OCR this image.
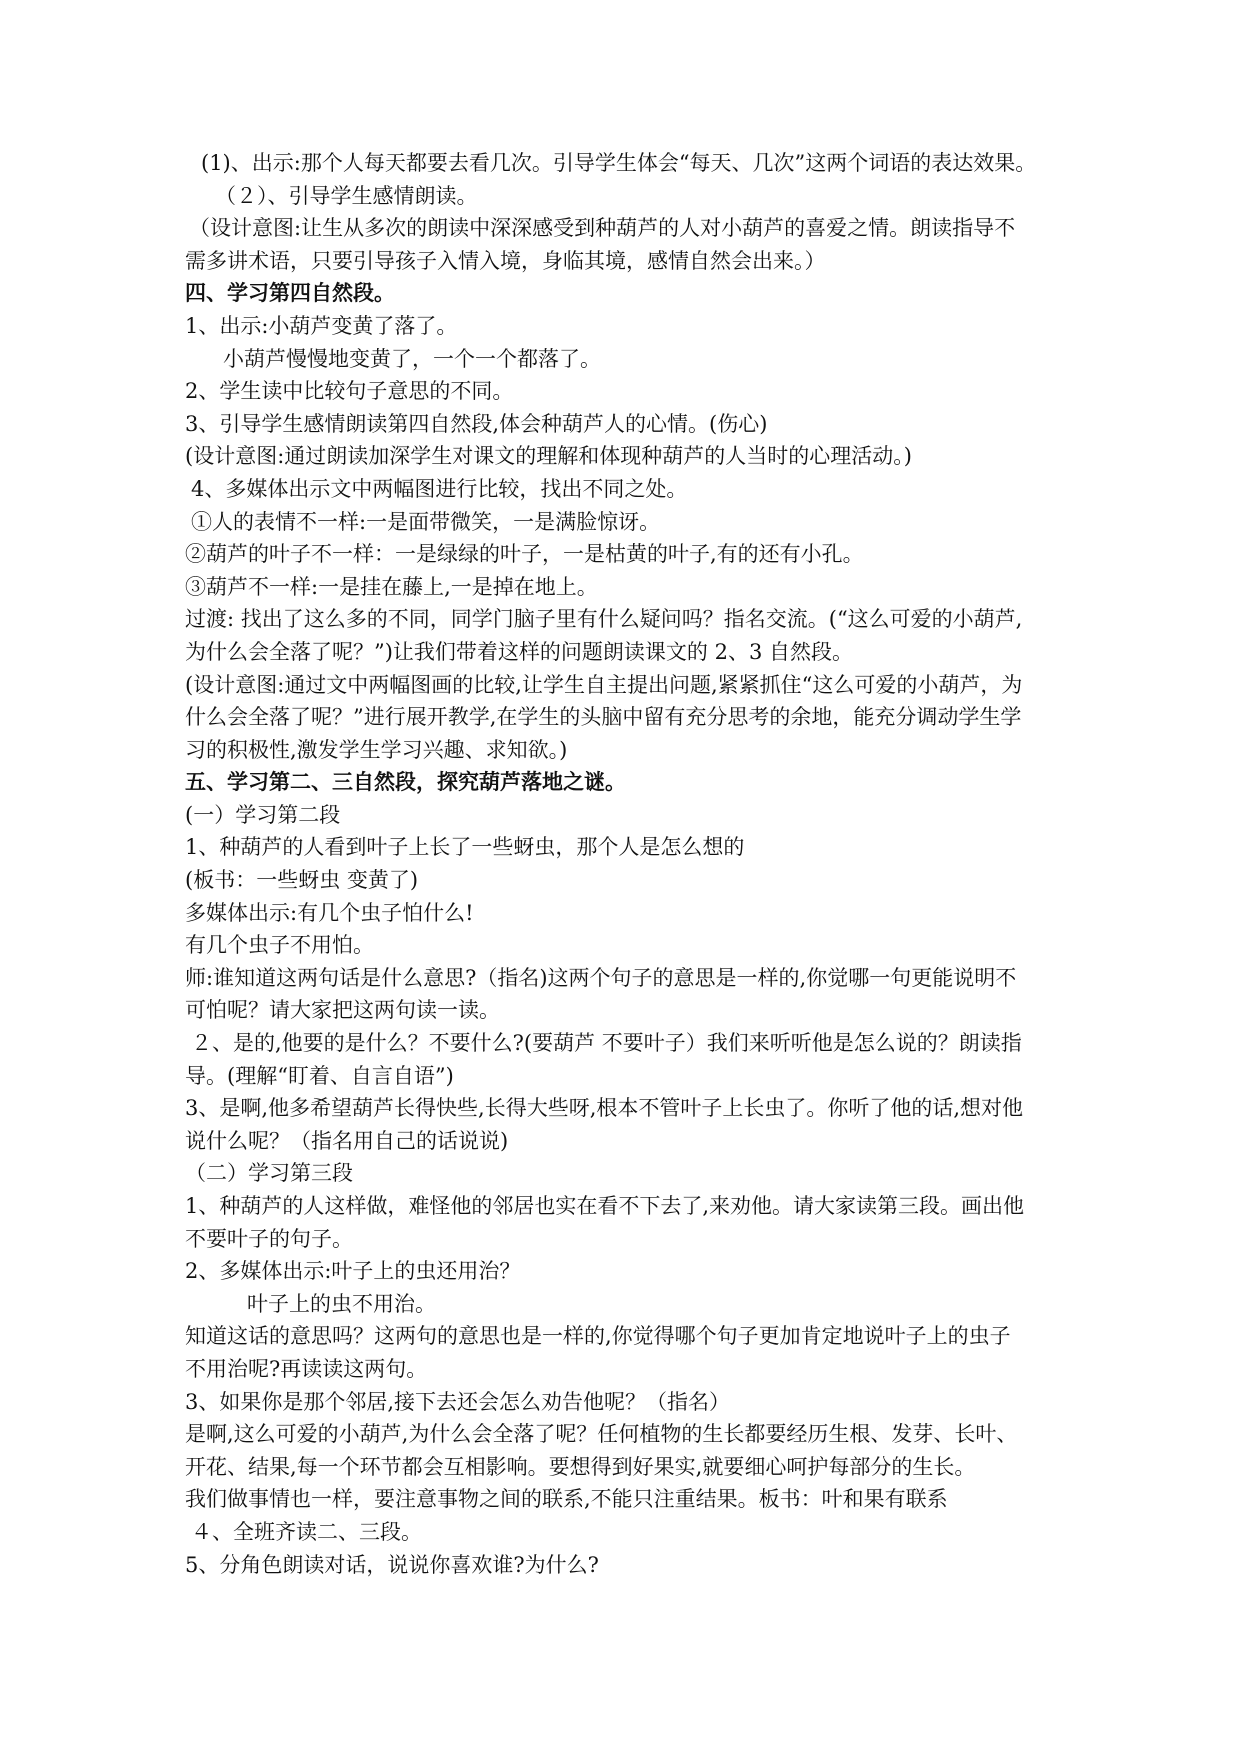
(1)、出示:那个人每天都要去看几次。引导学生体会“每天、几次”这两个词语的表达效果。

（２）、引导学生感情朗读。

（设计意图:让生从多次的朗读中深深感受到种葫芦的人对小葫芦的喜爱之情。朗读指导不

需多讲术语，只要引导孩子入情入境，身临其境，感情自然会出来。）

四、学习第四自然段。

1、出示:小葫芦变黄了落了。

小葫芦慢慢地变黄了，一个一个都落了。

2、学生读中比较句子意思的不同。

3、引导学生感情朗读第四自然段,体会种葫芦人的心情。(伤心)

(设计意图:通过朗读加深学生对课文的理解和体现种葫芦的人当时的心理活动。)

4、多媒体出示文中两幅图进行比较，找出不同之处。

①人的表情不一样:一是面带微笑，一是满脸惊讶。

②葫芦的叶子不一样：一是绿绿的叶子，一是枯黄的叶子,有的还有小孔。

③葫芦不一样:一是挂在藤上,一是掉在地上。

过渡: 找出了这么多的不同，同学门脑子里有什么疑问吗？指名交流。(“这么可爱的小葫芦,

为什么会全落了呢？”)让我们带着这样的问题朗读课文的 2、3 自然段。

(设计意图:通过文中两幅图画的比较,让学生自主提出问题,紧紧抓住“这么可爱的小葫芦，为

什么会全落了呢？”进行展开教学,在学生的头脑中留有充分思考的余地，能充分调动学生学

习的积极性,激发学生学习兴趣、求知欲。)

五、学习第二、三自然段，探究葫芦落地之谜。

(一）学习第二段

1、种葫芦的人看到叶子上长了一些蚜虫，那个人是怎么想的

(板书：一些蚜虫 变黄了)

多媒体出示:有几个虫子怕什么!

有几个虫子不用怕。

师:谁知道这两句话是什么意思?（指名)这两个句子的意思是一样的,你觉哪一句更能说明不

可怕呢？请大家把这两句读一读。

２、是的,他要的是什么？不要什么?(要葫芦 不要叶子）我们来听听他是怎么说的？朗读指

导。(理解“盯着、自言自语”)

3、是啊,他多希望葫芦长得快些,长得大些呀,根本不管叶子上长虫了。你听了他的话,想对他

说什么呢？（指名用自己的话说说)

（二）学习第三段

1、种葫芦的人这样做，难怪他的邻居也实在看不下去了,来劝他。请大家读第三段。画出他

不要叶子的句子。

2、多媒体出示:叶子上的虫还用治？

叶子上的虫不用治。

知道这话的意思吗？这两句的意思也是一样的,你觉得哪个句子更加肯定地说叶子上的虫子

不用治呢?再读读这两句。

3、如果你是那个邻居,接下去还会怎么劝告他呢？（指名）

是啊,这么可爱的小葫芦,为什么会全落了呢？任何植物的生长都要经历生根、发芽、长叶、

开花、结果,每一个环节都会互相影响。要想得到好果实,就要细心呵护每部分的生长。

我们做事情也一样，要注意事物之间的联系,不能只注重结果。板书：叶和果有联系

４、全班齐读二、三段。

5、分角色朗读对话，说说你喜欢谁?为什么?
